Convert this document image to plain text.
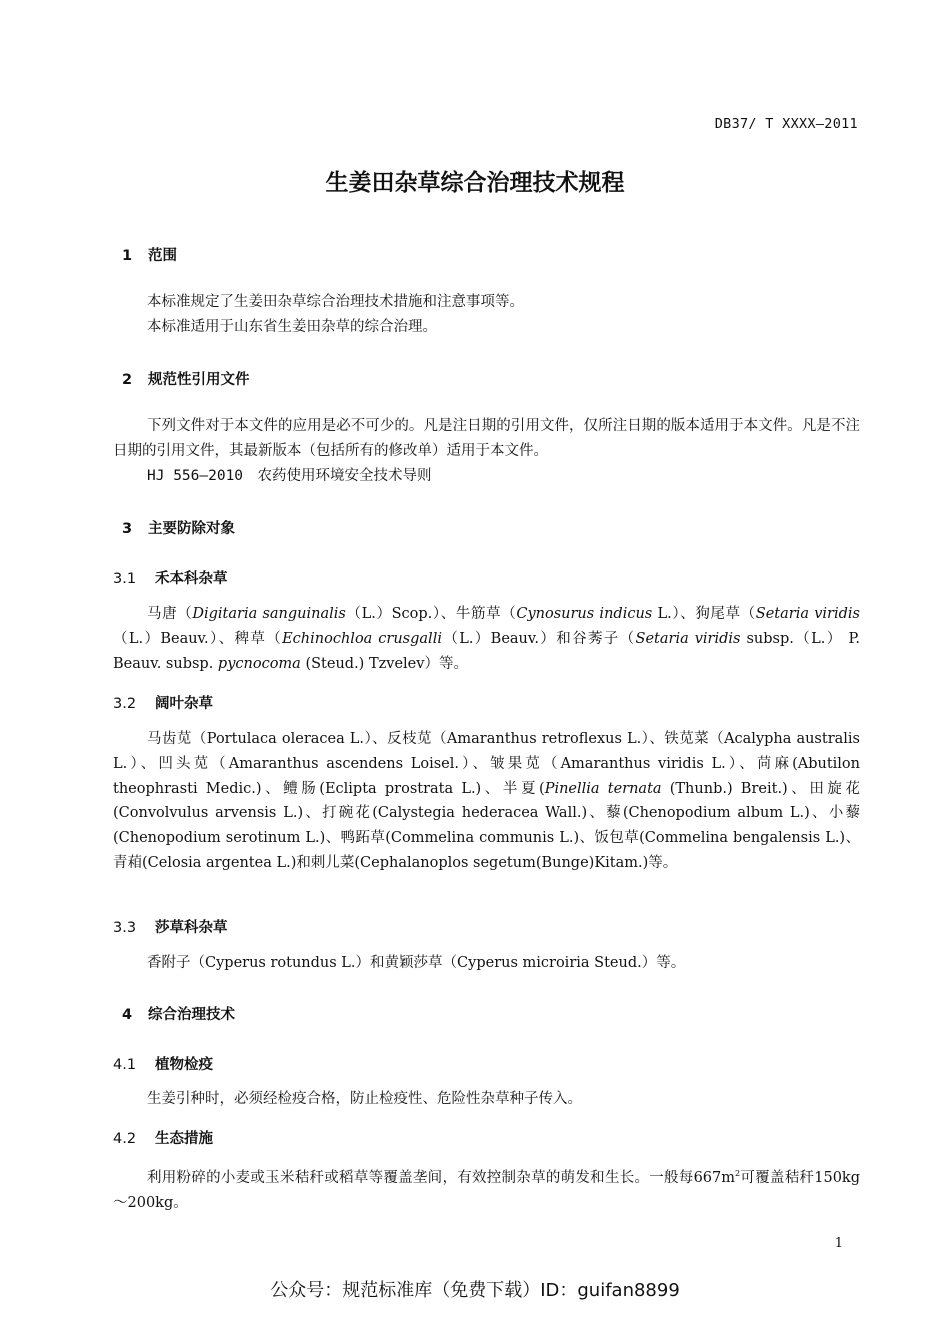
DB37/ T XXXX—2011
生姜田杂草综合治理技术规程
1 范围

本标准规定了生姜田杂草综合治理技术措施和注意事项等。

本标准适用于山东省生姜田杂草的综合治理。

2 规范性引用文件

下列文件对于本文件的应用是必不可少的。凡是注日期的引用文件，仅所注日期的版本适用于本文件。凡是不注日期的引用文件，其最新版本（包括所有的修改单）适用于本文件。

HJ 556—2010　农药使用环境安全技术导则

3 主要防除对象
3.1 禾本科杂草

马唐（Digitaria sanguinalis（L.）Scop.）、牛筋草（Cynosurus indicus L.）、狗尾草（Setaria viridis（L.）Beauv.）、稗草（Echinochloa crusgalli（L.）Beauv.）和谷莠子（Setaria viridis subsp.（L.） P. Beauv. subsp. pycnocoma (Steud.) Tzvelev）等。

3.2 阔叶杂草

马齿苋（Portulaca oleracea L.）、反枝苋（Amaranthus retroflexus L.）、铁苋菜（Acalypha australis L.）、凹头苋（Amaranthus ascendens Loisel.）、皱果苋（Amaranthus viridis L.）、苘麻(Abutilon theophrasti Medic.)、鳢肠(Eclipta prostrata L.)、半夏(Pinellia ternata (Thunb.) Breit.)、田旋花(Convolvulus arvensis L.)、打碗花(Calystegia hederacea Wall.)、藜(Chenopodium album L.)、小藜(Chenopodium serotinum L.)、鸭跖草(Commelina communis L.)、饭包草(Commelina bengalensis L.)、青葙(Celosia argentea L.)和刺儿菜(Cephalanoplos segetum(Bunge)Kitam.)等。

3.3 莎草科杂草

香附子（Cyperus rotundus L.）和黄颖莎草（Cyperus microiria Steud.）等。

4 综合治理技术
4.1 植物检疫

生姜引种时，必须经检疫合格，防止检疫性、危险性杂草种子传入。

4.2 生态措施

利用粉碎的小麦或玉米秸秆或稻草等覆盖垄间，有效控制杂草的萌发和生长。一般每$667m^2$可覆盖秸秆150kg～200kg。

1
公众号：规范标准库（免费下载）ID：guifan8899
